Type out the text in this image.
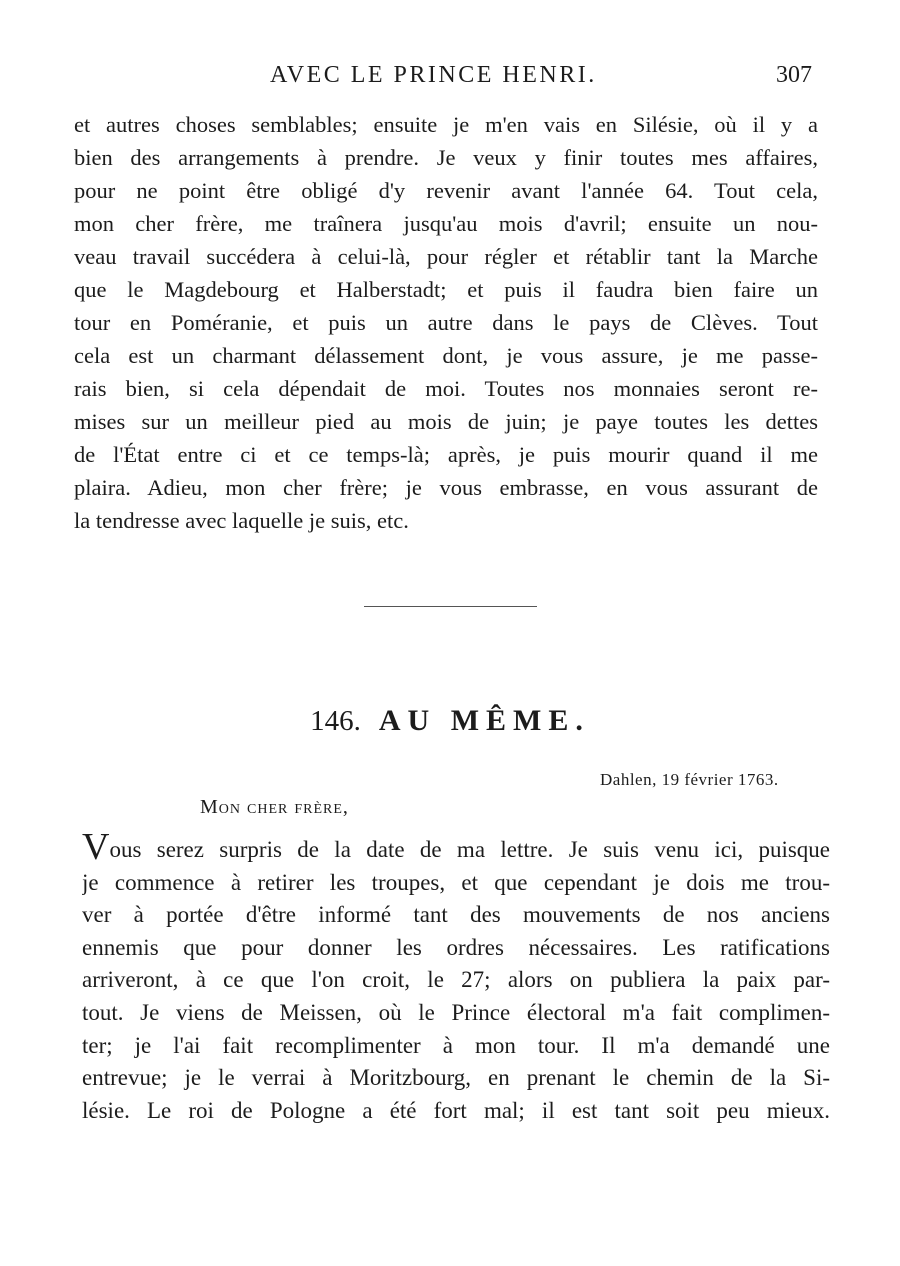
AVEC LE PRINCE HENRI.	307
et autres choses semblables; ensuite je m'en vais en Silésie, où il y a
bien des arrangements à prendre. Je veux y finir toutes mes affaires,
pour ne point être obligé d'y revenir avant l'année 64. Tout cela,
mon cher frère, me traînera jusqu'au mois d'avril; ensuite un nou-
veau travail succédera à celui-là, pour régler et rétablir tant la Marche
que le Magdebourg et Halberstadt; et puis il faudra bien faire un
tour en Poméranie, et puis un autre dans le pays de Clèves. Tout
cela est un charmant délassement dont, je vous assure, je me passe-
rais bien, si cela dépendait de moi. Toutes nos monnaies seront re-
mises sur un meilleur pied au mois de juin; je paye toutes les dettes
de l'État entre ci et ce temps-là; après, je puis mourir quand il me
plaira. Adieu, mon cher frère; je vous embrasse, en vous assurant de
la tendresse avec laquelle je suis, etc.
146. AU MÊME.
Dahlen, 19 février 1763.
Mon cher frère,
Vous serez surpris de la date de ma lettre. Je suis venu ici, puisque
je commence à retirer les troupes, et que cependant je dois me trou-
ver à portée d'être informé tant des mouvements de nos anciens
ennemis que pour donner les ordres nécessaires. Les ratifications
arriveront, à ce que l'on croit, le 27; alors on publiera la paix par-
tout. Je viens de Meissen, où le Prince électoral m'a fait complimen-
ter; je l'ai fait recomplimenter à mon tour. Il m'a demandé une
entrevue; je le verrai à Moritzbourg, en prenant le chemin de la Si-
lésie. Le roi de Pologne a été fort mal; il est tant soit peu mieux.
